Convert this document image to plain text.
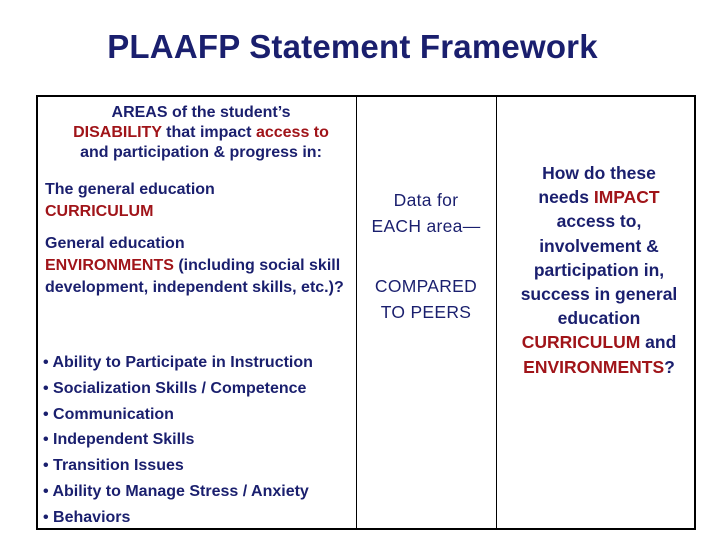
PLAAFP Statement Framework
AREAS of the student’s
DISABILITY that impact access to
and participation & progress in:
The general education
CURRICULUM
General education
ENVIRONMENTS (including social skill development, independent skills, etc.)?
• Ability to Participate in Instruction
• Socialization Skills / Competence
• Communication
• Independent Skills
• Transition Issues
• Ability to Manage Stress / Anxiety
• Behaviors
Data for
EACH area—
COMPARED
TO PEERS
How do these
needs IMPACT
access to,
involvement &
participation in,
success in general
education
CURRICULUM and
ENVIRONMENTS?
